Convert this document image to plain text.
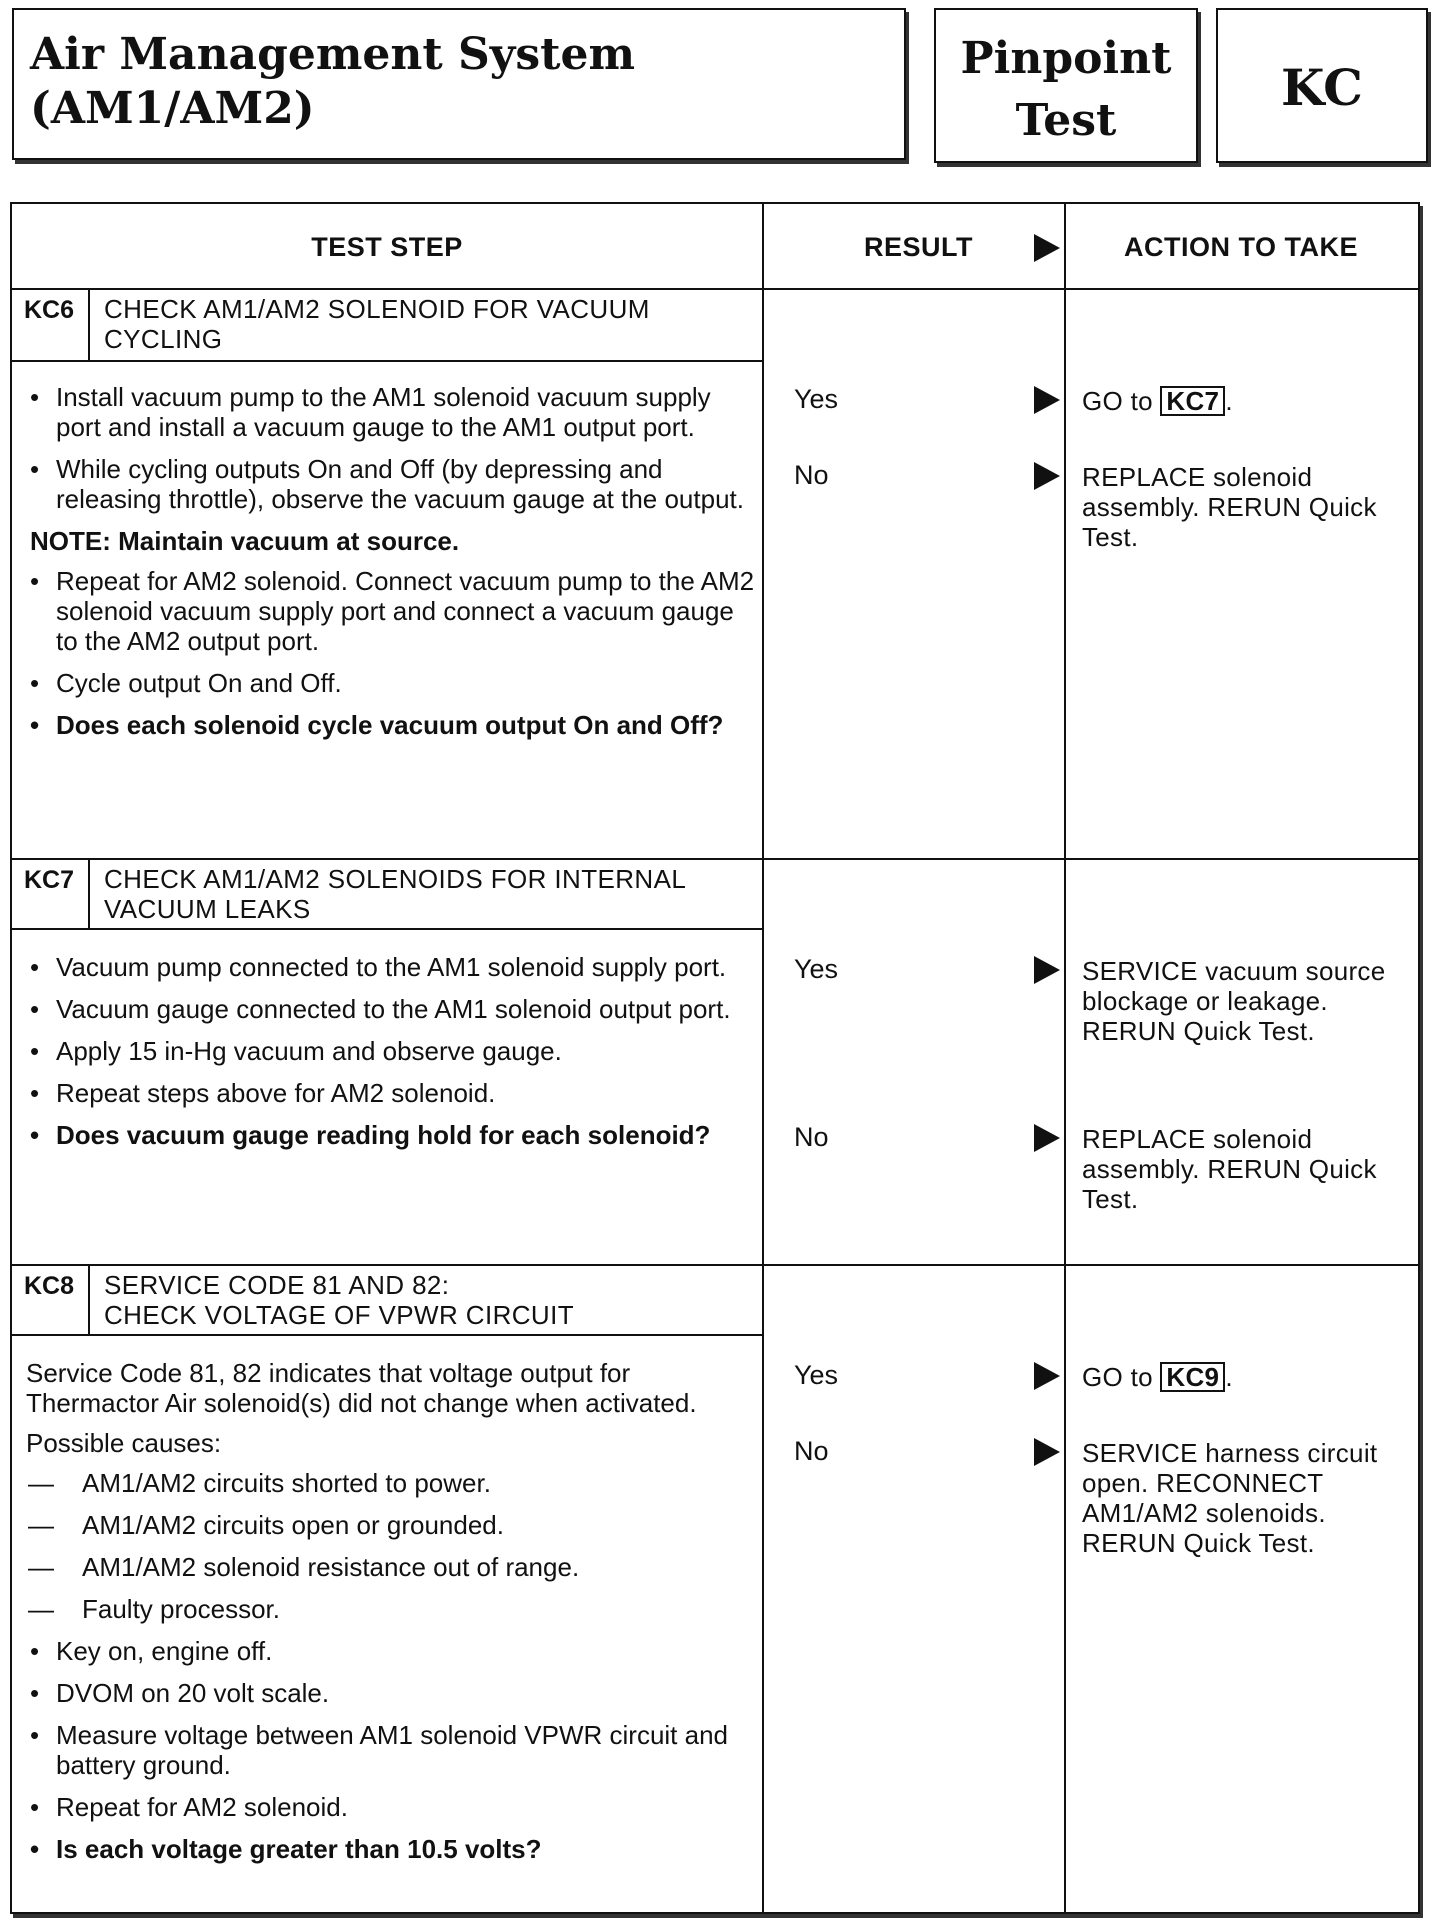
Air Management System
(AM1/AM2)
Pinpoint
Test
KC
TEST STEP	RESULT	ACTION TO TAKE
KC6	CHECK AM1/AM2 SOLENOID FOR VACUUM CYCLING
• Install vacuum pump to the AM1 solenoid vacuum supply port and install a vacuum gauge to the AM1 output port.
• While cycling outputs On and Off (by depressing and releasing throttle), observe the vacuum gauge at the output.
NOTE: Maintain vacuum at source.
• Repeat for AM2 solenoid. Connect vacuum pump to the AM2 solenoid vacuum supply port and connect a vacuum gauge to the AM2 output port.
• Cycle output On and Off.
• Does each solenoid cycle vacuum output On and Off?
Yes	GO to KC7 .
No	REPLACE solenoid assembly. RERUN Quick Test.
KC7	CHECK AM1/AM2 SOLENOIDS FOR INTERNAL VACUUM LEAKS
• Vacuum pump connected to the AM1 solenoid supply port.
• Vacuum gauge connected to the AM1 solenoid output port.
• Apply 15 in-Hg vacuum and observe gauge.
• Repeat steps above for AM2 solenoid.
• Does vacuum gauge reading hold for each solenoid?
Yes	SERVICE vacuum source blockage or leakage. RERUN Quick Test.
No	REPLACE solenoid assembly. RERUN Quick Test.
KC8	SERVICE CODE 81 AND 82:
CHECK VOLTAGE OF VPWR CIRCUIT
Service Code 81, 82 indicates that voltage output for Thermactor Air solenoid(s) did not change when activated.
Possible causes:
— AM1/AM2 circuits shorted to power.
— AM1/AM2 circuits open or grounded.
— AM1/AM2 solenoid resistance out of range.
— Faulty processor.
• Key on, engine off.
• DVOM on 20 volt scale.
• Measure voltage between AM1 solenoid VPWR circuit and battery ground.
• Repeat for AM2 solenoid.
• Is each voltage greater than 10.5 volts?
Yes	GO to KC9 .
No	SERVICE harness circuit open. RECONNECT AM1/AM2 solenoids. RERUN Quick Test.
